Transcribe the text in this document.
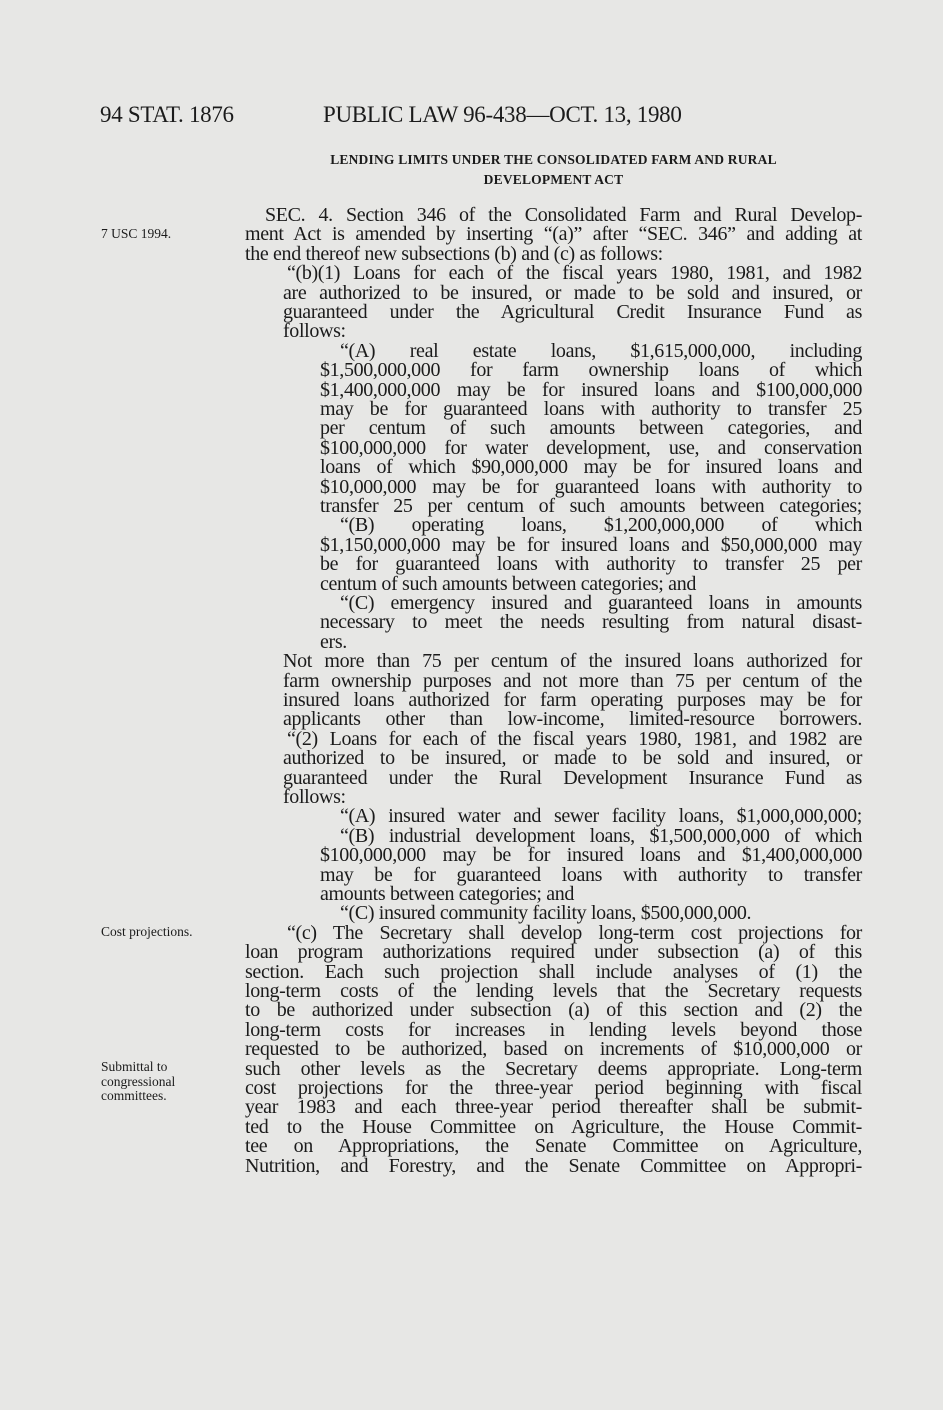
94 STAT. 1876	PUBLIC LAW 96-438—OCT. 13, 1980
LENDING LIMITS UNDER THE CONSOLIDATED FARM AND RURAL
DEVELOPMENT ACT
7 USC 1994.
Cost projections.
Submittal to
congressional
committees.
SEC. 4. Section 346 of the Consolidated Farm and Rural Develop-
ment Act is amended by inserting “(a)” after “SEC. 346” and adding at
the end thereof new subsections (b) and (c) as follows:
“(b)(1) Loans for each of the fiscal years 1980, 1981, and 1982
are authorized to be insured, or made to be sold and insured, or
guaranteed under the Agricultural Credit Insurance Fund as
follows:
“(A) real estate loans, $1,615,000,000, including
$1,500,000,000 for farm ownership loans of which
$1,400,000,000 may be for insured loans and $100,000,000
may be for guaranteed loans with authority to transfer 25
per centum of such amounts between categories, and
$100,000,000 for water development, use, and conservation
loans of which $90,000,000 may be for insured loans and
$10,000,000 may be for guaranteed loans with authority to
transfer 25 per centum of such amounts between categories;
“(B) operating loans, $1,200,000,000 of which
$1,150,000,000 may be for insured loans and $50,000,000 may
be for guaranteed loans with authority to transfer 25 per
centum of such amounts between categories; and
“(C) emergency insured and guaranteed loans in amounts
necessary to meet the needs resulting from natural disast-
ers.
Not more than 75 per centum of the insured loans authorized for
farm ownership purposes and not more than 75 per centum of the
insured loans authorized for farm operating purposes may be for
applicants other than low-income, limited-resource borrowers.
“(2) Loans for each of the fiscal years 1980, 1981, and 1982 are
authorized to be insured, or made to be sold and insured, or
guaranteed under the Rural Development Insurance Fund as
follows:
“(A) insured water and sewer facility loans, $1,000,000,000;
“(B) industrial development loans, $1,500,000,000 of which
$100,000,000 may be for insured loans and $1,400,000,000
may be for guaranteed loans with authority to transfer
amounts between categories; and
“(C) insured community facility loans, $500,000,000.
“(c) The Secretary shall develop long-term cost projections for
loan program authorizations required under subsection (a) of this
section. Each such projection shall include analyses of (1) the
long-term costs of the lending levels that the Secretary requests
to be authorized under subsection (a) of this section and (2) the
long-term costs for increases in lending levels beyond those
requested to be authorized, based on increments of $10,000,000 or
such other levels as the Secretary deems appropriate. Long-term
cost projections for the three-year period beginning with fiscal
year 1983 and each three-year period thereafter shall be submit-
ted to the House Committee on Agriculture, the House Commit-
tee on Appropriations, the Senate Committee on Agriculture,
Nutrition, and Forestry, and the Senate Committee on Appropri-
